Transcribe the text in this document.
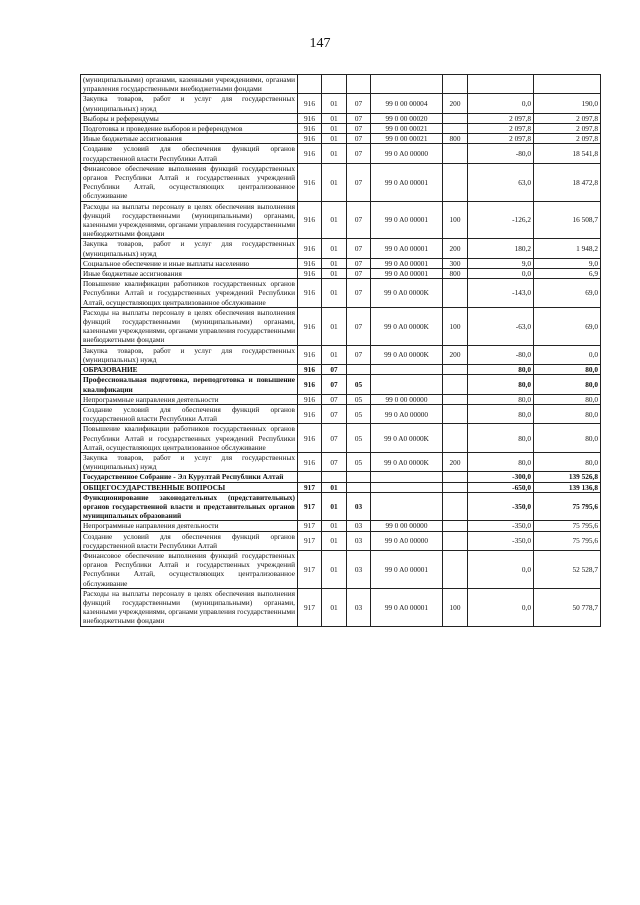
147
(муниципальными) органами, казенными учреждениями, органами управления государственными внебюджетными фондами							
Закупка товаров, работ и услуг для государственных (муниципальных) нужд	916	01	07	99 0 00 00004	200	0,0	190,0
Выборы и референдумы	916	01	07	99 0 00 00020		2 097,8	2 097,8
Подготовка и проведение выборов и референдумов	916	01	07	99 0 00 00021		2 097,8	2 097,8
Иные бюджетные ассигнования	916	01	07	99 0 00 00021	800	2 097,8	2 097,8
Создание условий для обеспечения функций органов государственной власти Республики Алтай	916	01	07	99 0 A0 00000		-80,0	18 541,8
Финансовое обеспечение выполнения функций государственных органов Республики Алтай и государственных учреждений Республики Алтай, осуществляющих централизованное обслуживание	916	01	07	99 0 A0 00001		63,0	18 472,8
Расходы на выплаты персоналу в целях обеспечения выполнения функций государственными (муниципальными) органами, казенными учреждениями, органами управления государственными внебюджетными фондами	916	01	07	99 0 A0 00001	100	-126,2	16 508,7
Закупка товаров, работ и услуг для государственных (муниципальных) нужд	916	01	07	99 0 A0 00001	200	180,2	1 948,2
Социальное обеспечение и иные выплаты населению	916	01	07	99 0 A0 00001	300	9,0	9,0
Иные бюджетные ассигнования	916	01	07	99 0 A0 00001	800	0,0	6,9
Повышение квалификации работников государственных органов Республики Алтай и государственных учреждений Республики Алтай, осуществляющих централизованное обслуживание	916	01	07	99 0 A0 0000K		-143,0	69,0
Расходы на выплаты персоналу в целях обеспечения выполнения функций государственными (муниципальными) органами, казенными учреждениями, органами управления государственными внебюджетными фондами	916	01	07	99 0 A0 0000K	100	-63,0	69,0
Закупка товаров, работ и услуг для государственных (муниципальных) нужд	916	01	07	99 0 A0 0000K	200	-80,0	0,0
ОБРАЗОВАНИЕ	916	07				80,0	80,0
Профессиональная подготовка, переподготовка и повышение квалификации	916	07	05			80,0	80,0
Непрограммные направления деятельности	916	07	05	99 0 00 00000		80,0	80,0
Создание условий для обеспечения функций органов государственной власти Республики Алтай	916	07	05	99 0 A0 00000		80,0	80,0
Повышение квалификации работников государственных органов Республики Алтай и государственных учреждений Республики Алтай, осуществляющих централизованное обслуживание	916	07	05	99 0 A0 0000K		80,0	80,0
Закупка товаров, работ и услуг для государственных (муниципальных) нужд	916	07	05	99 0 A0 0000K	200	80,0	80,0
Государственное Собрание - Эл Курултай Республики Алтай						-300,0	139 526,8
ОБЩЕГОСУДАРСТВЕННЫЕ ВОПРОСЫ	917	01				-650,0	139 136,8
Функционирование законодательных (представительных) органов государственной власти и представительных органов муниципальных образований	917	01	03			-350,0	75 795,6
Непрограммные направления деятельности	917	01	03	99 0 00 00000		-350,0	75 795,6
Создание условий для обеспечения функций органов государственной власти Республики Алтай	917	01	03	99 0 A0 00000		-350,0	75 795,6
Финансовое обеспечение выполнения функций государственных органов Республики Алтай и государственных учреждений Республики Алтай, осуществляющих централизованное обслуживание	917	01	03	99 0 A0 00001		0,0	52 528,7
Расходы на выплаты персоналу в целях обеспечения выполнения функций государственными (муниципальными) органами, казенными учреждениями, органами управления государственными внебюджетными фондами	917	01	03	99 0 A0 00001	100	0,0	50 778,7
